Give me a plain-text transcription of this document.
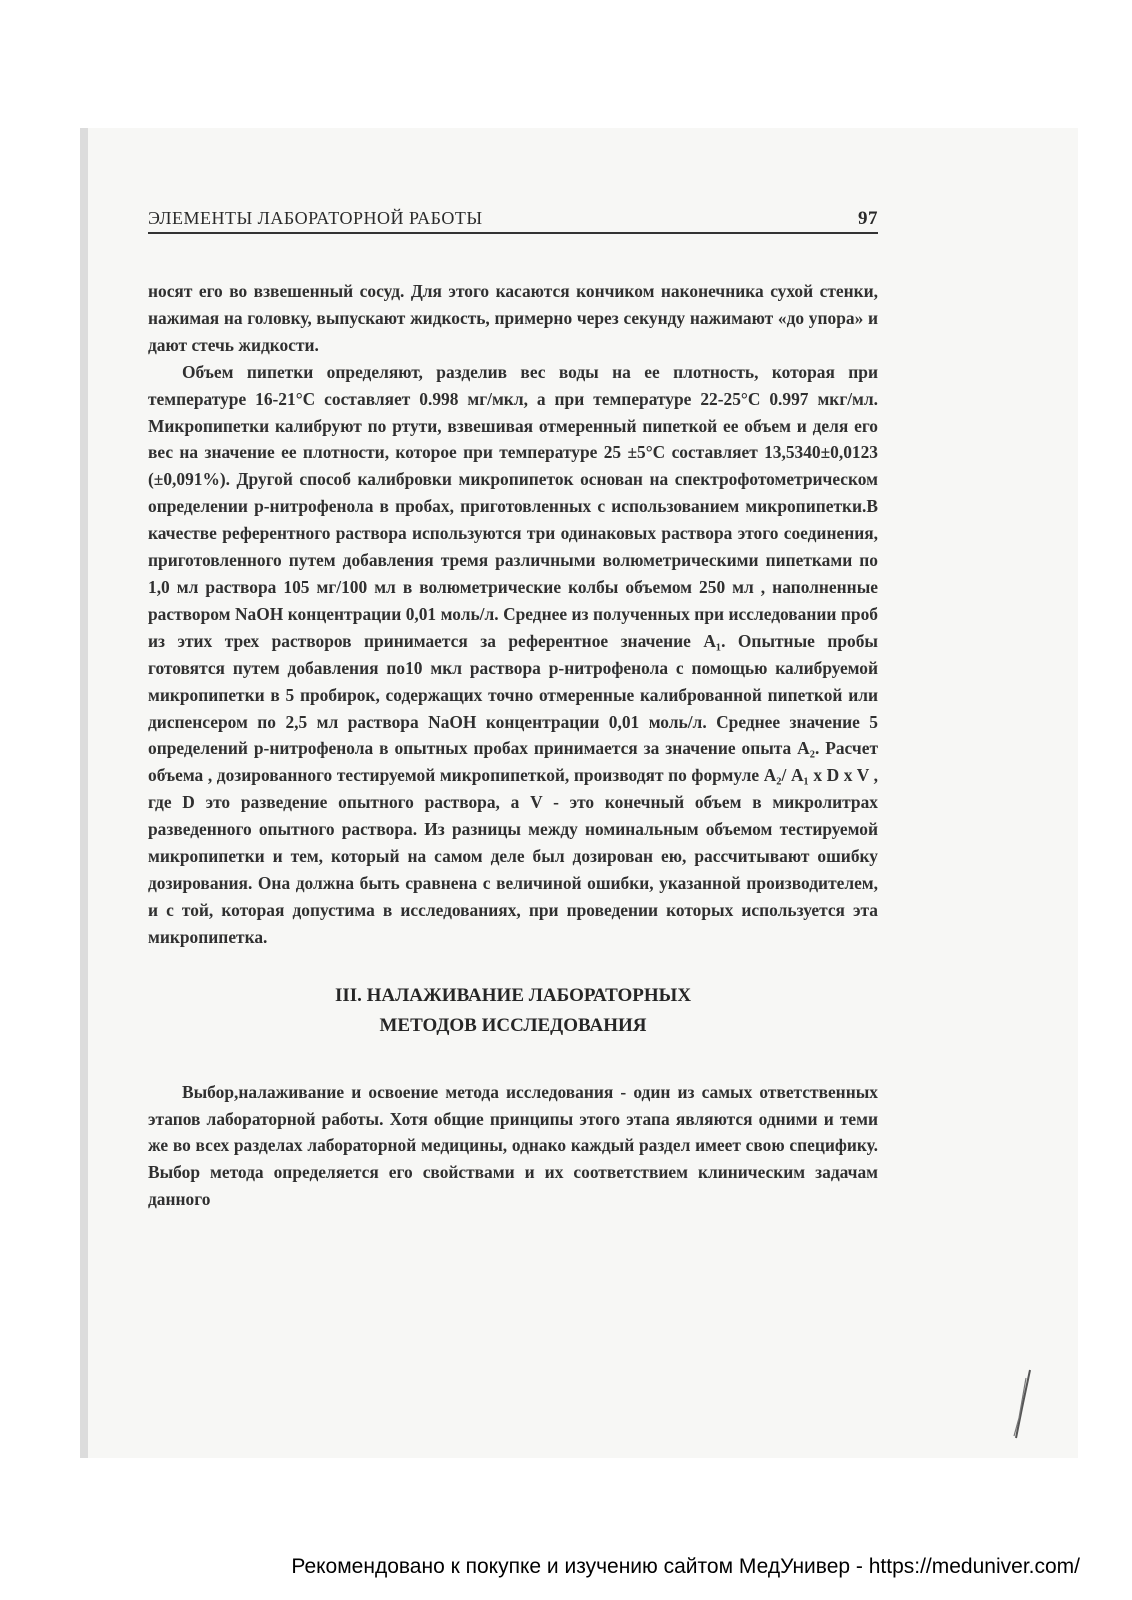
ЭЛЕМЕНТЫ ЛАБОРАТОРНОЙ РАБОТЫ	97

носят его во взвешенный сосуд. Для этого касаются кончиком наконечника сухой стенки, нажимая на головку, выпускают жидкость, примерно через секунду нажимают «до упора» и дают стечь жидкости.

Объем пипетки определяют, разделив вес воды на ее плотность, которая при температуре 16-21°С составляет 0.998 мг/мкл, а при температуре 22-25°С 0.997 мкг/мл. Микропипетки калибруют по ртути, взвешивая отмеренный пипеткой ее объем и деля его вес на значение ее плотности, которое при температуре 25 ±5°С составляет 13,5340±0,0123 (±0,091%). Другой способ калибровки микропипеток основан на спектрофотометрическом определении р-нитрофенола в пробах, приготовленных с использованием микропипетки.В качестве референтного раствора используются три одинаковых раствора этого соединения, приготовленного путем добавления тремя различными волюметрическими пипетками по 1,0 мл раствора 105 мг/100 мл в волюметрические колбы объемом 250 мл , наполненные раствором NaOH концентрации 0,01 моль/л. Среднее из полученных при исследовании проб из этих трех растворов принимается за референтное значение А₁. Опытные пробы готовятся путем добавления по10 мкл раствора р-нитрофенола с помощью калибруемой микропипетки в 5 пробирок, содержащих точно отмеренные калиброванной пипеткой или диспенсером по 2,5 мл раствора NaOH концентрации 0,01 моль/л. Среднее значение 5 определений р-нитрофенола в опытных пробах принимается за значение опыта А₂. Расчет объема , дозированного тестируемой микропипеткой, производят по формуле А₂/ А₁ x D x V , где D это разведение опытного раствора, а V - это конечный объем в микролитрах разведенного опытного раствора. Из разницы между номинальным объемом тестируемой микропипетки и тем, который на самом деле был дозирован ею, рассчитывают ошибку дозирования. Она должна быть сравнена с величиной ошибки, указанной производителем, и с той, которая допустима в исследованиях, при проведении которых используется эта микропипетка.

III. НАЛАЖИВАНИЕ ЛАБОРАТОРНЫХ
МЕТОДОВ ИССЛЕДОВАНИЯ

Выбор,налаживание и освоение метода исследования - один из самых ответственных этапов лабораторной работы. Хотя общие принципы этого этапа являются одними и теми же во всех разделах лабораторной медицины, однако каждый раздел имеет свою специфику. Выбор метода определяется его свойствами и их соответствием клиническим задачам данного

Рекомендовано к покупке и изучению сайтом МедУнивер - https://meduniver.com/
